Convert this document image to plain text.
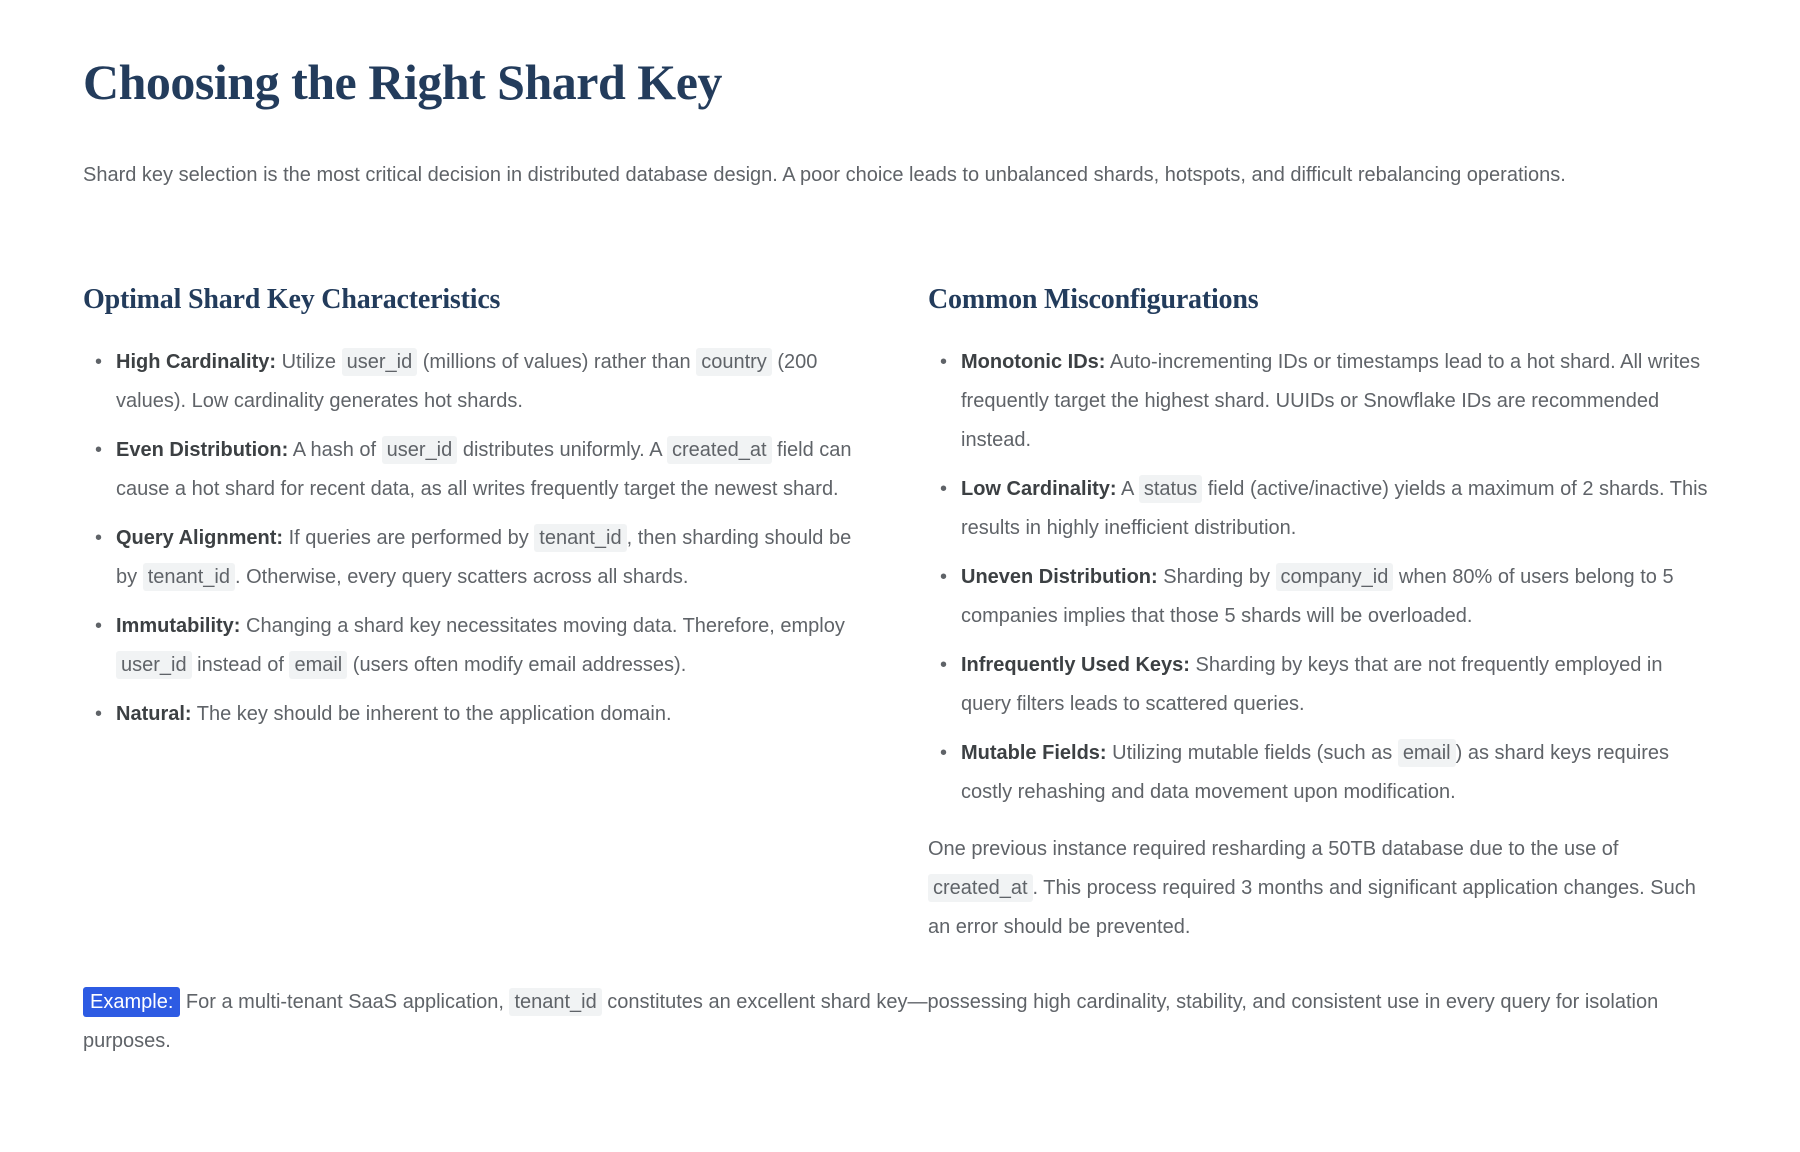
Choosing the Right Shard Key

Shard key selection is the most critical decision in distributed database design. A poor choice leads to unbalanced shards, hotspots, and difficult rebalancing operations.

Optimal Shard Key Characteristics
• High Cardinality: Utilize user_id (millions of values) rather than country (200 values). Low cardinality generates hot shards.
• Even Distribution: A hash of user_id distributes uniformly. A created_at field can cause a hot shard for recent data, as all writes frequently target the newest shard.
• Query Alignment: If queries are performed by tenant_id , then sharding should be by tenant_id . Otherwise, every query scatters across all shards.
• Immutability: Changing a shard key necessitates moving data. Therefore, employ user_id instead of email (users often modify email addresses).
• Natural: The key should be inherent to the application domain.
Common Misconfigurations
• Monotonic IDs: Auto-incrementing IDs or timestamps lead to a hot shard. All writes frequently target the highest shard. UUIDs or Snowflake IDs are recommended instead.
• Low Cardinality: A status field (active/inactive) yields a maximum of 2 shards. This results in highly inefficient distribution.
• Uneven Distribution: Sharding by company_id when 80% of users belong to 5 companies implies that those 5 shards will be overloaded.
• Infrequently Used Keys: Sharding by keys that are not frequently employed in query filters leads to scattered queries.
• Mutable Fields: Utilizing mutable fields (such as email ) as shard keys requires costly rehashing and data movement upon modification.

One previous instance required resharding a 50TB database due to the use of created_at . This process required 3 months and significant application changes. Such an error should be prevented.

Example: For a multi-tenant SaaS application, tenant_id constitutes an excellent shard key—possessing high cardinality, stability, and consistent use in every query for isolation purposes.
